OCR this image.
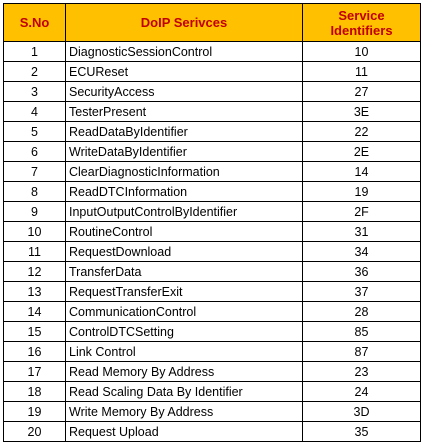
S.No	DoIP Serivces	Service
Identifiers
1	DiagnosticSessionControl	10
2	ECUReset	11
3	SecurityAccess	27
4	TesterPresent	3E
5	ReadDataByIdentifier	22
6	WriteDataByIdentifier	2E
7	ClearDiagnosticInformation	14
8	ReadDTCInformation	19
9	InputOutputControlByIdentifier	2F
10	RoutineControl	31
11	RequestDownload	34
12	TransferData	36
13	RequestTransferExit	37
14	CommunicationControl	28
15	ControlDTCSetting	85
16	Link Control	87
17	Read Memory By Address	23
18	Read Scaling Data By Identifier	24
19	Write Memory By Address	3D
20	Request Upload	35
